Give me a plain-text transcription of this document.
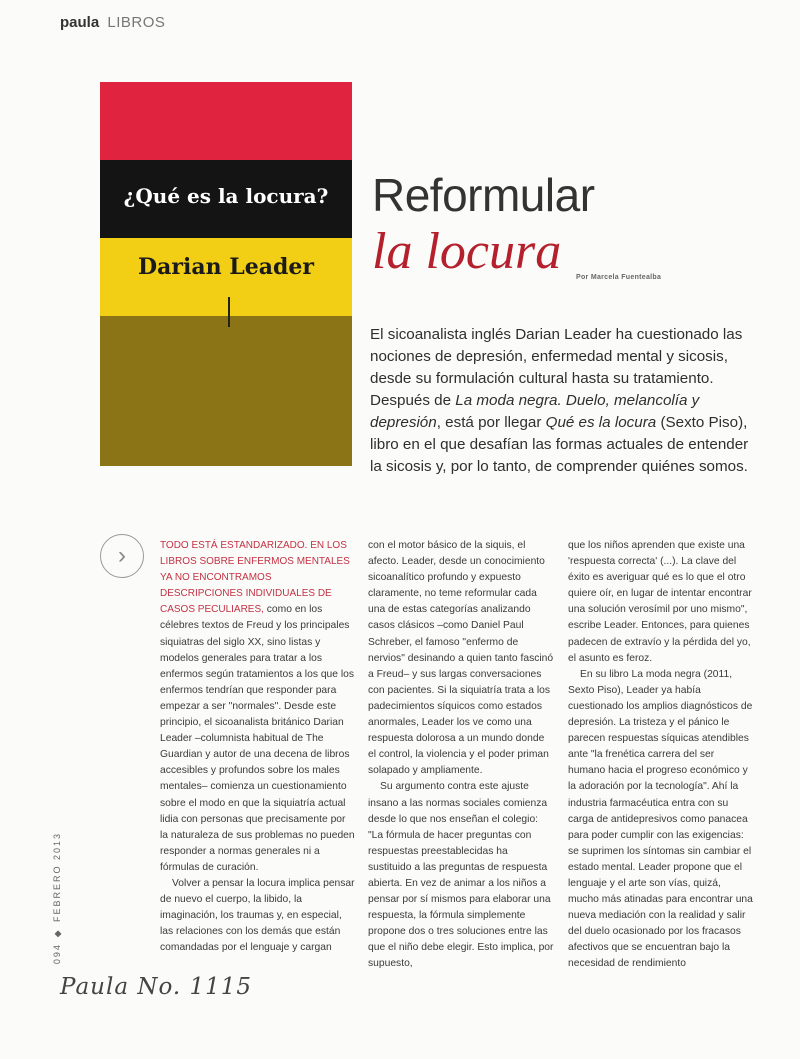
paula LIBROS
¿Qué es la locura?
Darian Leader
Reformular
la locura Por Marcela Fuentealba
El sicoanalista inglés Darian Leader ha cuestionado las nociones de depresión, enfermedad mental y sicosis, desde su formulación cultural hasta su tratamiento. Después de La moda negra. Duelo, melancolía y depresión, está por llegar Qué es la locura (Sexto Piso), libro en el que desafían las formas actuales de entender la sicosis y, por lo tanto, de comprender quiénes somos.
›	TODO ESTÁ ESTANDARIZADO. EN LOS LIBROS SOBRE ENFERMOS MENTALES YA NO ENCONTRAMOS DESCRIPCIONES INDIVIDUALES DE CASOS PECULIARES, como en los célebres textos de Freud y los principales siquiatras del siglo XX, sino listas y modelos generales para tratar a los enfermos según tratamientos a los que los enfermos tendrían que responder para empezar a ser "normales". Desde este principio, el sicoanalista británico Darian Leader –columnista habitual de The Guardian y autor de una decena de libros accesibles y profundos sobre los males mentales– comienza un cuestionamiento sobre el modo en que la siquiatría actual lidia con personas que precisamente por la naturaleza de sus problemas no pueden responder a normas generales ni a fórmulas de curación.

Volver a pensar la locura implica pensar de nuevo el cuerpo, la libido, la imaginación, los traumas y, en especial, las relaciones con los demás que están comandadas por el lenguaje y cargan

con el motor básico de la siquis, el afecto. Leader, desde un conocimiento sicoanalítico profundo y expuesto claramente, no teme reformular cada una de estas categorías analizando casos clásicos –como Daniel Paul Schreber, el famoso "enfermo de nervios" desinando a quien tanto fascinó a Freud– y sus largas conversaciones con pacientes. Si la siquiatría trata a los padecimientos síquicos como estados anormales, Leader los ve como una respuesta dolorosa a un mundo donde el control, la violencia y el poder priman solapado y ampliamente.

Su argumento contra este ajuste insano a las normas sociales comienza desde lo que nos enseñan el colegio: "La fórmula de hacer preguntas con respuestas preestablecidas ha sustituido a las preguntas de respuesta abierta. En vez de animar a los niños a pensar por sí mismos para elaborar una respuesta, la fórmula simplemente propone dos o tres soluciones entre las que el niño debe elegir. Esto implica, por supuesto,

que los niños aprenden que existe una 'respuesta correcta' (...). La clave del éxito es averiguar qué es lo que el otro quiere oír, en lugar de intentar encontrar una solución verosímil por uno mismo", escribe Leader. Entonces, para quienes padecen de extravío y la pérdida del yo, el asunto es feroz.

En su libro La moda negra (2011, Sexto Piso), Leader ya había cuestionado los amplios diagnósticos de depresión. La tristeza y el pánico le parecen respuestas síquicas atendibles ante "la frenética carrera del ser humano hacia el progreso económico y la adoración por la tecnología". Ahí la industria farmacéutica entra con su carga de antidepresivos como panacea para poder cumplir con las exigencias: se suprimen los síntomas sin cambiar el estado mental. Leader propone que el lenguaje y el arte son vías, quizá, mucho más atinadas para encontrar una nueva mediación con la realidad y salir del duelo ocasionado por los fracasos afectivos que se encuentran bajo la necesidad de rendimiento

094 ◆ FEBRERO 2013
Paula No. 1115
